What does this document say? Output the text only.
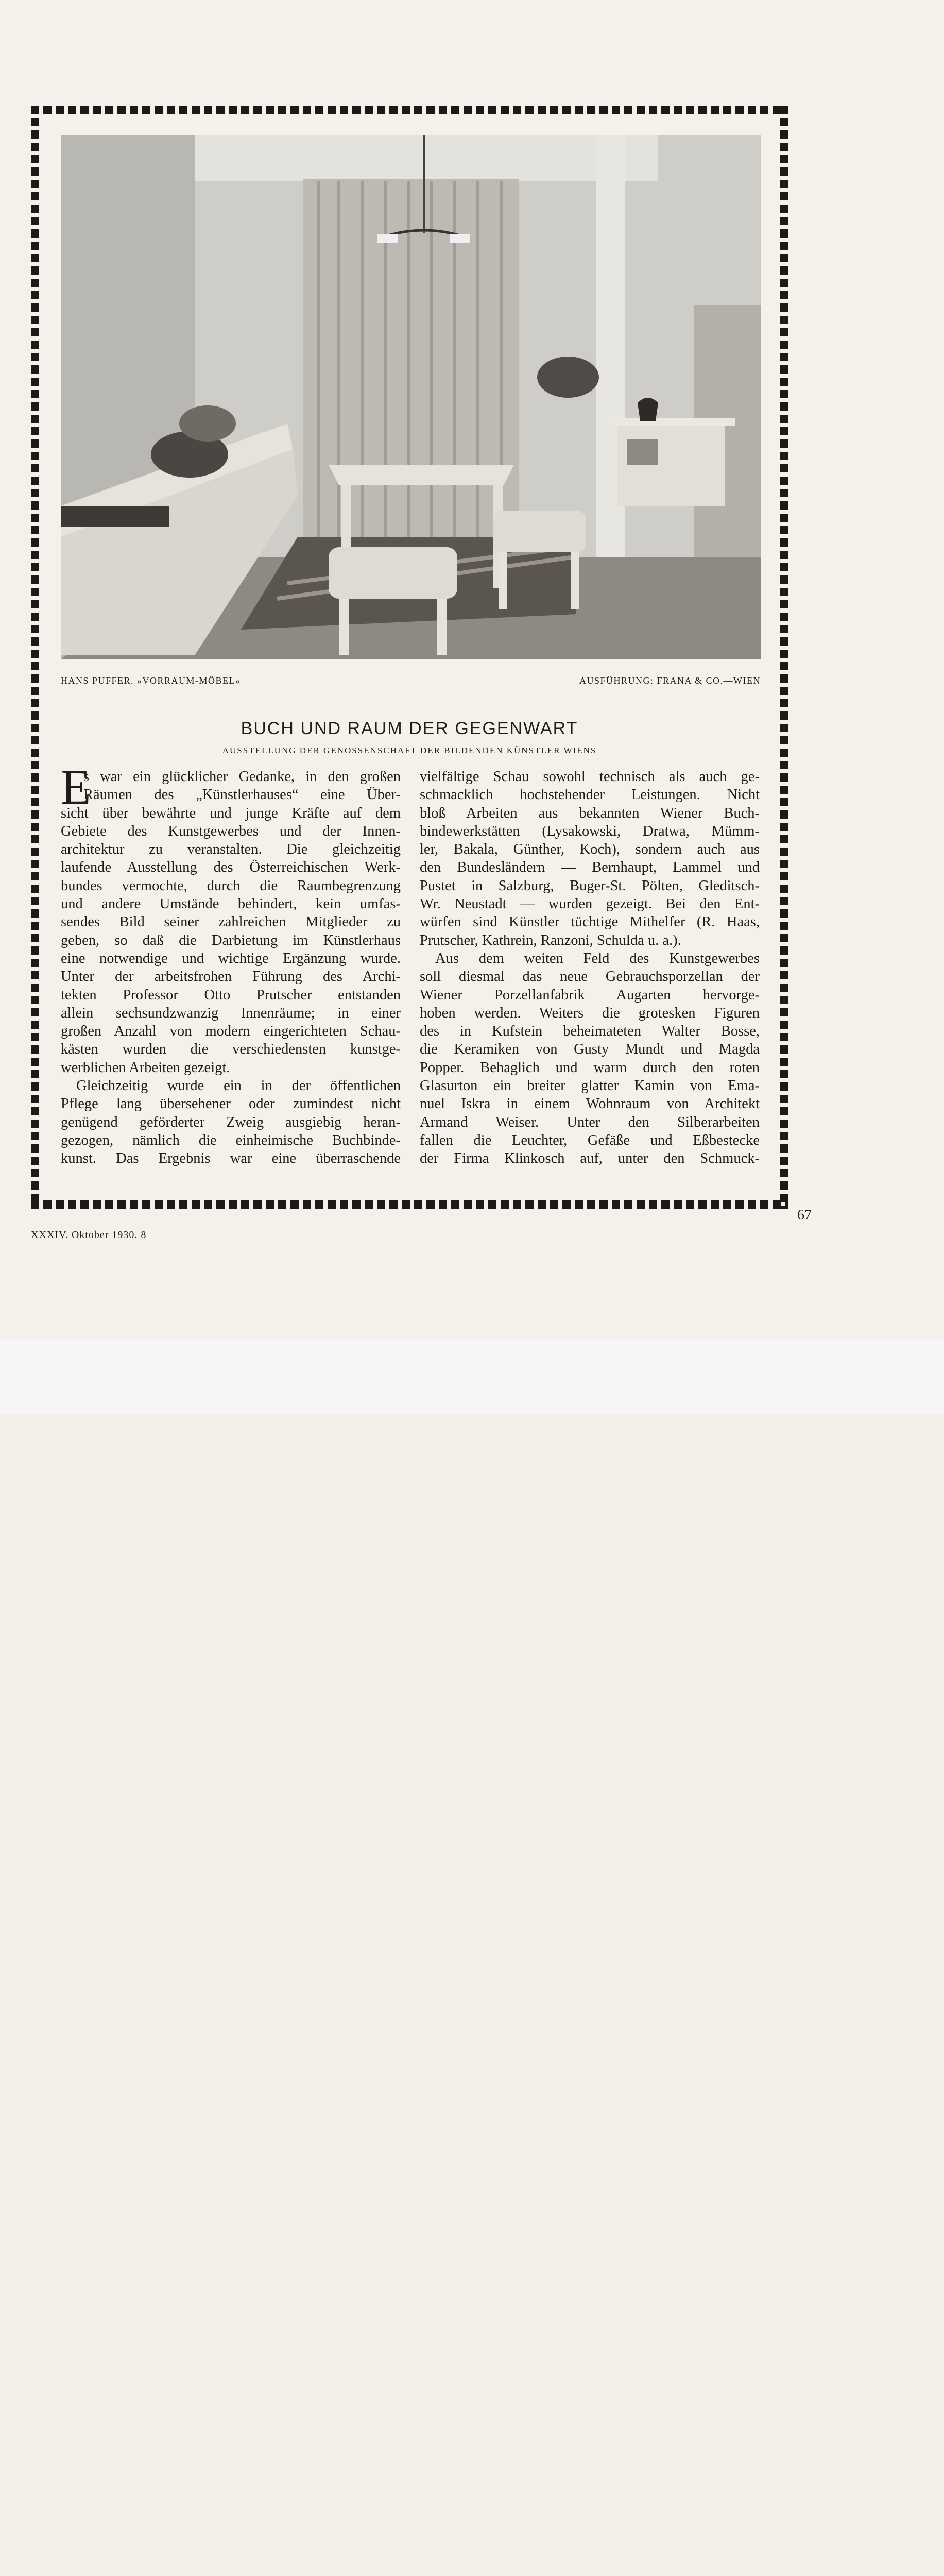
HANS PUFFER. »VORRAUM-MÖBEL«	AUSFÜHRUNG: FRANA & CO.—WIEN
BUCH UND RAUM DER GEGENWART
AUSSTELLUNG DER GENOSSENSCHAFT DER BILDENDEN KÜNSTLER WIENS
E
s war ein glücklicher Gedanke, in den großen
Räumen des „Künstlerhauses“ eine Über-
sicht über bewährte und junge Kräfte auf dem
Gebiete des Kunstgewerbes und der Innen-
architektur zu veranstalten. Die gleichzeitig
laufende Ausstellung des Österreichischen Werk-
bundes vermochte, durch die Raumbegrenzung
und andere Umstände behindert, kein umfas-
sendes Bild seiner zahlreichen Mitglieder zu
geben, so daß die Darbietung im Künstlerhaus
eine notwendige und wichtige Ergänzung wurde.
Unter der arbeitsfrohen Führung des Archi-
tekten Professor Otto Prutscher entstanden
allein sechsundzwanzig Innenräume; in einer
großen Anzahl von modern eingerichteten Schau-
kästen wurden die verschiedensten kunstge-
werblichen Arbeiten gezeigt.
Gleichzeitig wurde ein in der öffentlichen
Pflege lang übersehener oder zumindest nicht
genügend geförderter Zweig ausgiebig heran-
gezogen, nämlich die einheimische Buchbinde-
kunst. Das Ergebnis war eine überraschende
vielfältige Schau sowohl technisch als auch ge-
schmacklich hochstehender Leistungen. Nicht
bloß Arbeiten aus bekannten Wiener Buch-
bindewerkstätten (Lysakowski, Dratwa, Mümm-
ler, Bakala, Günther, Koch), sondern auch aus
den Bundesländern — Bernhaupt, Lammel und
Pustet in Salzburg, Buger-St. Pölten, Gleditsch-
Wr. Neustadt — wurden gezeigt. Bei den Ent-
würfen sind Künstler tüchtige Mithelfer (R. Haas,
Prutscher, Kathrein, Ranzoni, Schulda u. a.).
Aus dem weiten Feld des Kunstgewerbes
soll diesmal das neue Gebrauchsporzellan der
Wiener Porzellanfabrik Augarten hervorge-
hoben werden. Weiters die grotesken Figuren
des in Kufstein beheimateten Walter Bosse,
die Keramiken von Gusty Mundt und Magda
Popper. Behaglich und warm durch den roten
Glasurton ein breiter glatter Kamin von Ema-
nuel Iskra in einem Wohnraum von Architekt
Armand Weiser. Unter den Silberarbeiten
fallen die Leuchter, Gefäße und Eßbestecke
der Firma Klinkosch auf, unter den Schmuck-
67
XXXIV. Oktober 1930. 8
